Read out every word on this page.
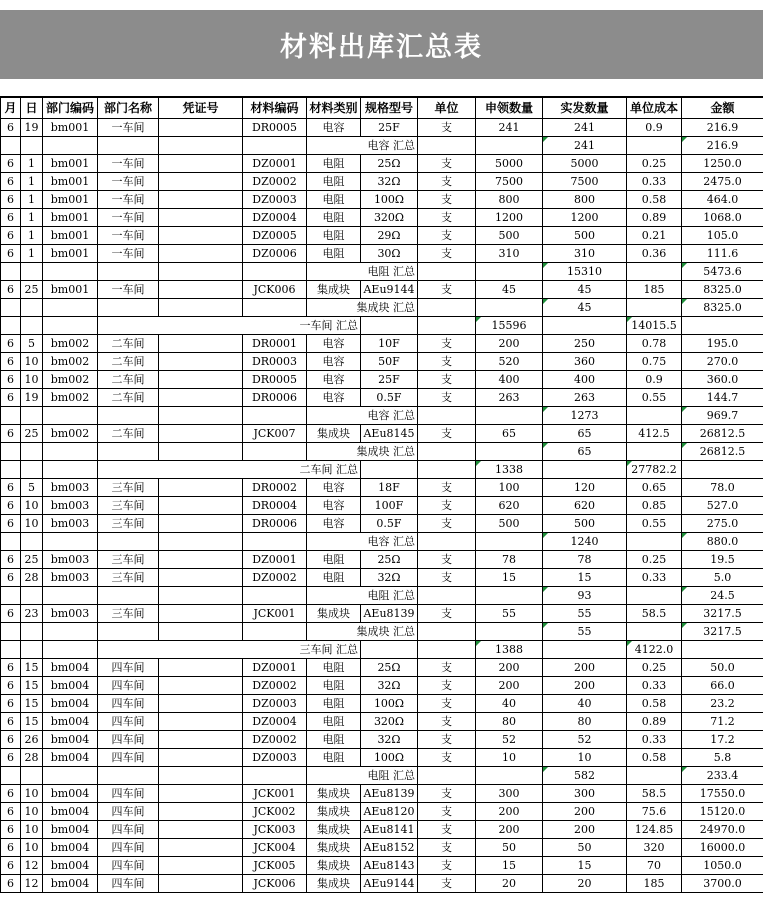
材料出库汇总表
月	日	部门编码	部门名称	凭证号	材料编码	材料类别	规格型号	单位	申领数量	实发数量	单位成本	金额
6	19	bm001	一车间		DR0005	电容	25F	支	241	241	0.9	216.9
						电容 汇总				241		216.9
6	1	bm001	一车间		DZ0001	电阻	25Ω	支	5000	5000	0.25	1250.0
6	1	bm001	一车间		DZ0002	电阻	32Ω	支	7500	7500	0.33	2475.0
6	1	bm001	一车间		DZ0003	电阻	100Ω	支	800	800	0.58	464.0
6	1	bm001	一车间		DZ0004	电阻	320Ω	支	1200	1200	0.89	1068.0
6	1	bm001	一车间		DZ0005	电阻	29Ω	支	500	500	0.21	105.0
6	1	bm001	一车间		DZ0006	电阻	30Ω	支	310	310	0.36	111.6
						电阻 汇总				15310		5473.6
6	25	bm001	一车间		JCK006	集成块	AEu9144	支	45	45	185	8325.0
						集成块 汇总				45		8325.0
			一车间 汇总						15596		14015.5	
6	5	bm002	二车间		DR0001	电容	10F	支	200	250	0.78	195.0
6	10	bm002	二车间		DR0003	电容	50F	支	520	360	0.75	270.0
6	10	bm002	二车间		DR0005	电容	25F	支	400	400	0.9	360.0
6	19	bm002	二车间		DR0006	电容	0.5F	支	263	263	0.55	144.7
						电容 汇总				1273		969.7
6	25	bm002	二车间		JCK007	集成块	AEu8145	支	65	65	412.5	26812.5
						集成块 汇总				65		26812.5
			二车间 汇总						1338		27782.2	
6	5	bm003	三车间		DR0002	电容	18F	支	100	120	0.65	78.0
6	10	bm003	三车间		DR0004	电容	100F	支	620	620	0.85	527.0
6	10	bm003	三车间		DR0006	电容	0.5F	支	500	500	0.55	275.0
						电容 汇总				1240		880.0
6	25	bm003	三车间		DZ0001	电阻	25Ω	支	78	78	0.25	19.5
6	28	bm003	三车间		DZ0002	电阻	32Ω	支	15	15	0.33	5.0
						电阻 汇总				93		24.5
6	23	bm003	三车间		JCK001	集成块	AEu8139	支	55	55	58.5	3217.5
						集成块 汇总				55		3217.5
			三车间 汇总						1388		4122.0	
6	15	bm004	四车间		DZ0001	电阻	25Ω	支	200	200	0.25	50.0
6	15	bm004	四车间		DZ0002	电阻	32Ω	支	200	200	0.33	66.0
6	15	bm004	四车间		DZ0003	电阻	100Ω	支	40	40	0.58	23.2
6	15	bm004	四车间		DZ0004	电阻	320Ω	支	80	80	0.89	71.2
6	26	bm004	四车间		DZ0002	电阻	32Ω	支	52	52	0.33	17.2
6	28	bm004	四车间		DZ0003	电阻	100Ω	支	10	10	0.58	5.8
						电阻 汇总				582		233.4
6	10	bm004	四车间		JCK001	集成块	AEu8139	支	300	300	58.5	17550.0
6	10	bm004	四车间		JCK002	集成块	AEu8120	支	200	200	75.6	15120.0
6	10	bm004	四车间		JCK003	集成块	AEu8141	支	200	200	124.85	24970.0
6	10	bm004	四车间		JCK004	集成块	AEu8152	支	50	50	320	16000.0
6	12	bm004	四车间		JCK005	集成块	AEu8143	支	15	15	70	1050.0
6	12	bm004	四车间		JCK006	集成块	AEu9144	支	20	20	185	3700.0
